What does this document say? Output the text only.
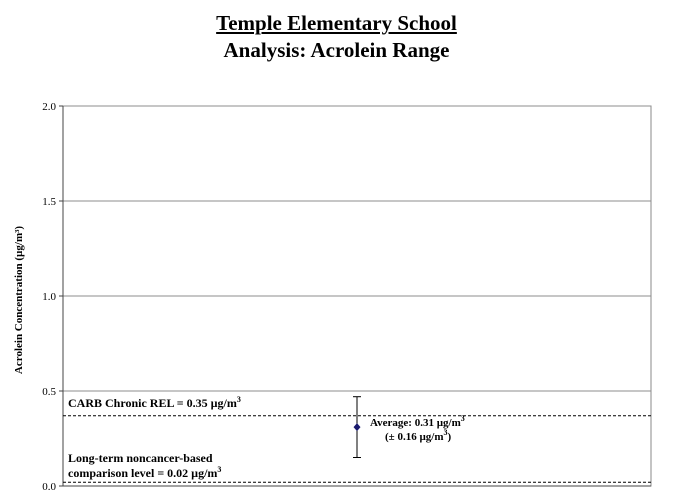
Temple Elementary School
Analysis: Acrolein Range
0.0
0.5
1.0
1.5
2.0
Acrolein Concentration (µg/m³)
CARB Chronic REL = 0.35 $\mu g/m^3$
Long-term noncancer-based
comparison level = 0.02 $\mu g/m^3$
Average: 0.31 $\mu g/m^3$
(± 0.16 $\mu g/m^3$)
